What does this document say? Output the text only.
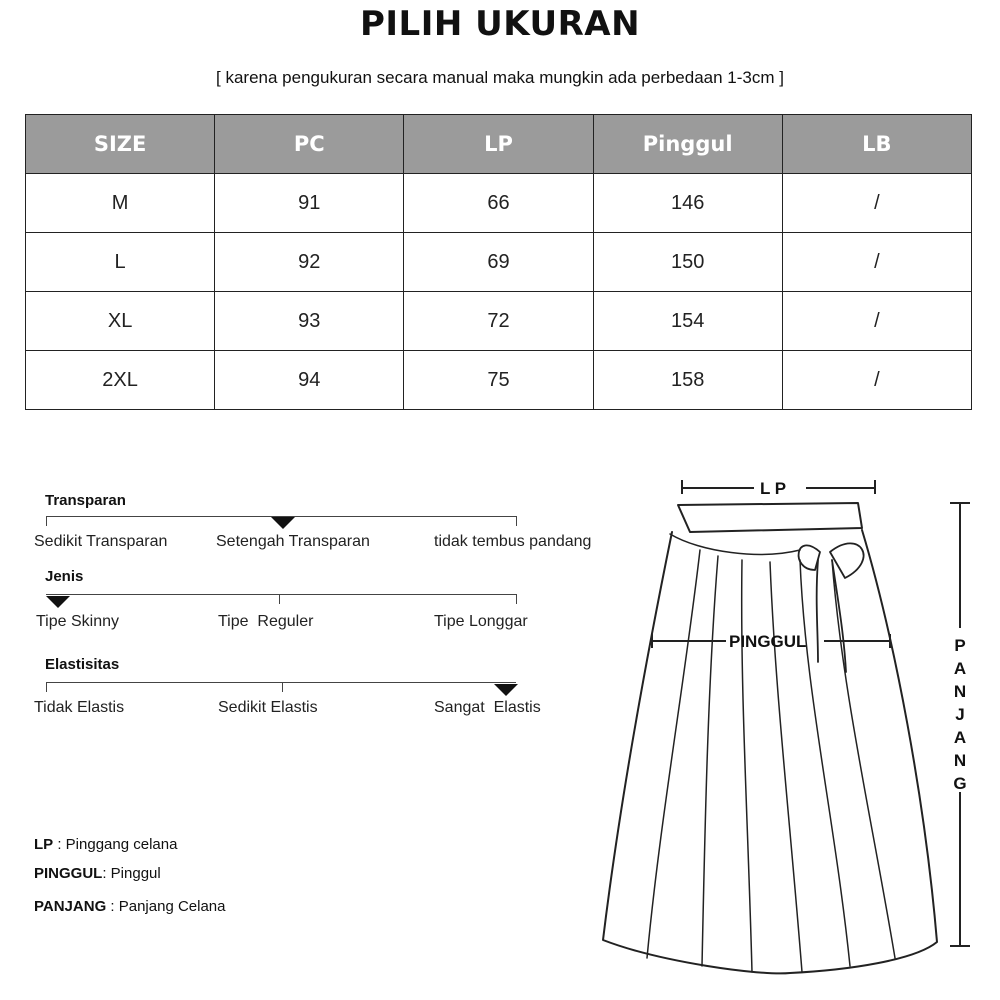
PILIH UKURAN
[ karena pengukuran secara manual maka mungkin ada perbedaan 1-3cm ]
SIZE	PC	LP	Pinggul	LB
M	91	66	146	/
L	92	69	150	/
XL	93	72	154	/
2XL	94	75	158	/
Transparan
Sedikit Transparan	Setengah Transparan	tidak tembus pandang
Jenis
Tipe Skinny	Tipe  Reguler	Tipe Longgar
Elastisitas
Tidak Elastis	Sedikit Elastis	Sangat  Elastis
LP : Pinggang celana
PINGGUL: Pinggul
PANJANG : Panjang Celana
L P
PINGGUL	P
A
N
J
A
N
G
